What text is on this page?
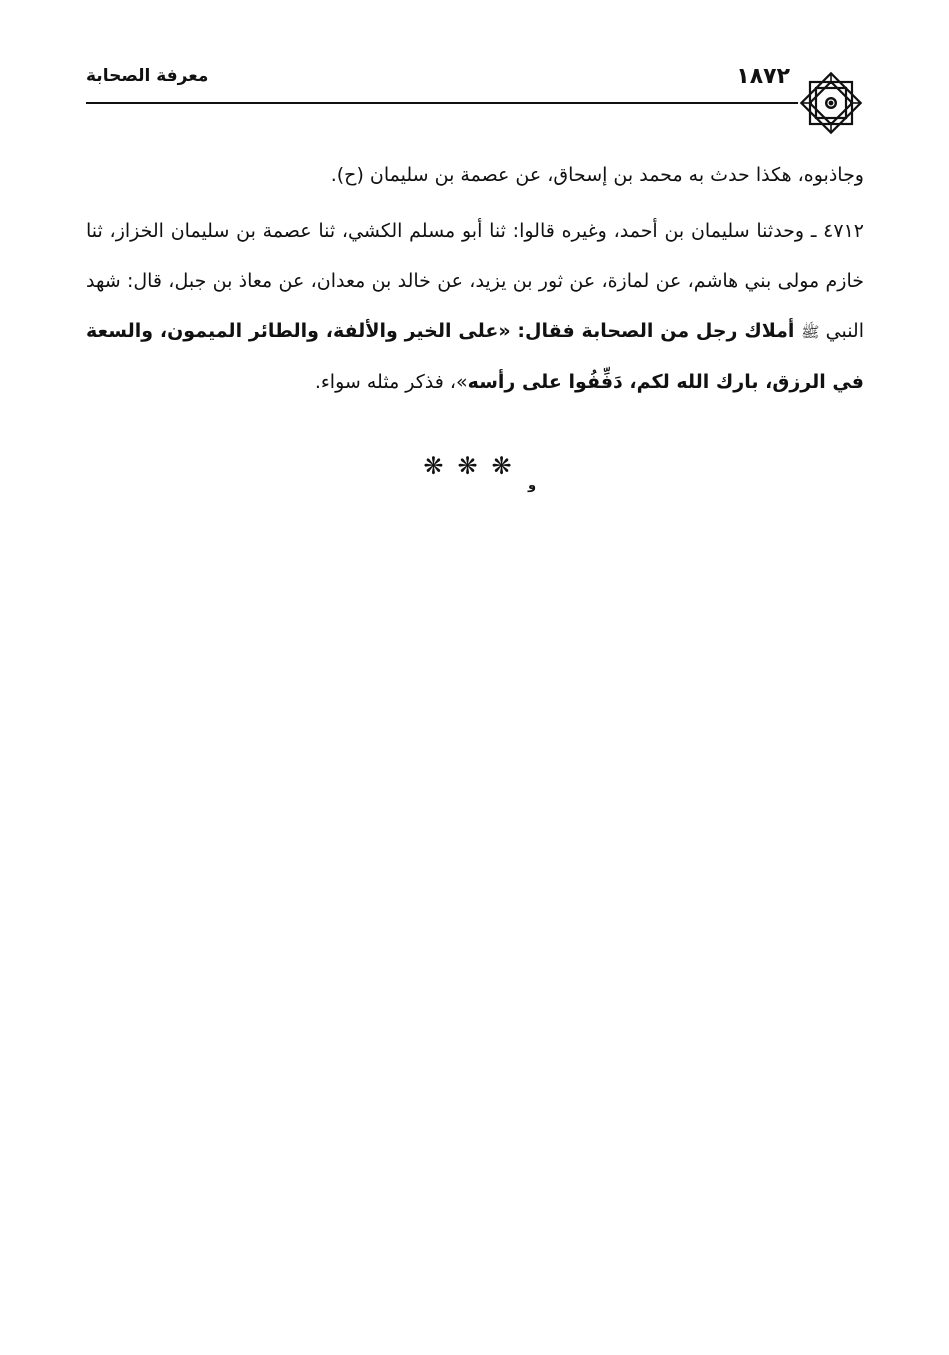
معرفة الصحابة	١٨٧٢

وجاذبوه، هكذا حدث به محمد بن إسحاق، عن عصمة بن سليمان (ح).

٤٧١٢ ـ وحدثنا سليمان بن أحمد، وغيره قالوا: ثنا أبو مسلم الكشي، ثنا عصمة بن سليمان الخزاز، ثنا خازم مولى بني هاشم، عن لمازة، عن ثور بن يزيد، عن خالد بن معدان، عن معاذ بن جبل، قال: شهد النبي ﷺ أملاك رجل من الصحابة فقال: «على الخير والألفة، والطائر الميمون، والسعة في الرزق، بارك الله لكم، دَفِّفُوا على رأسه»، فذكر مثله سواء.

❋❋❋
و
